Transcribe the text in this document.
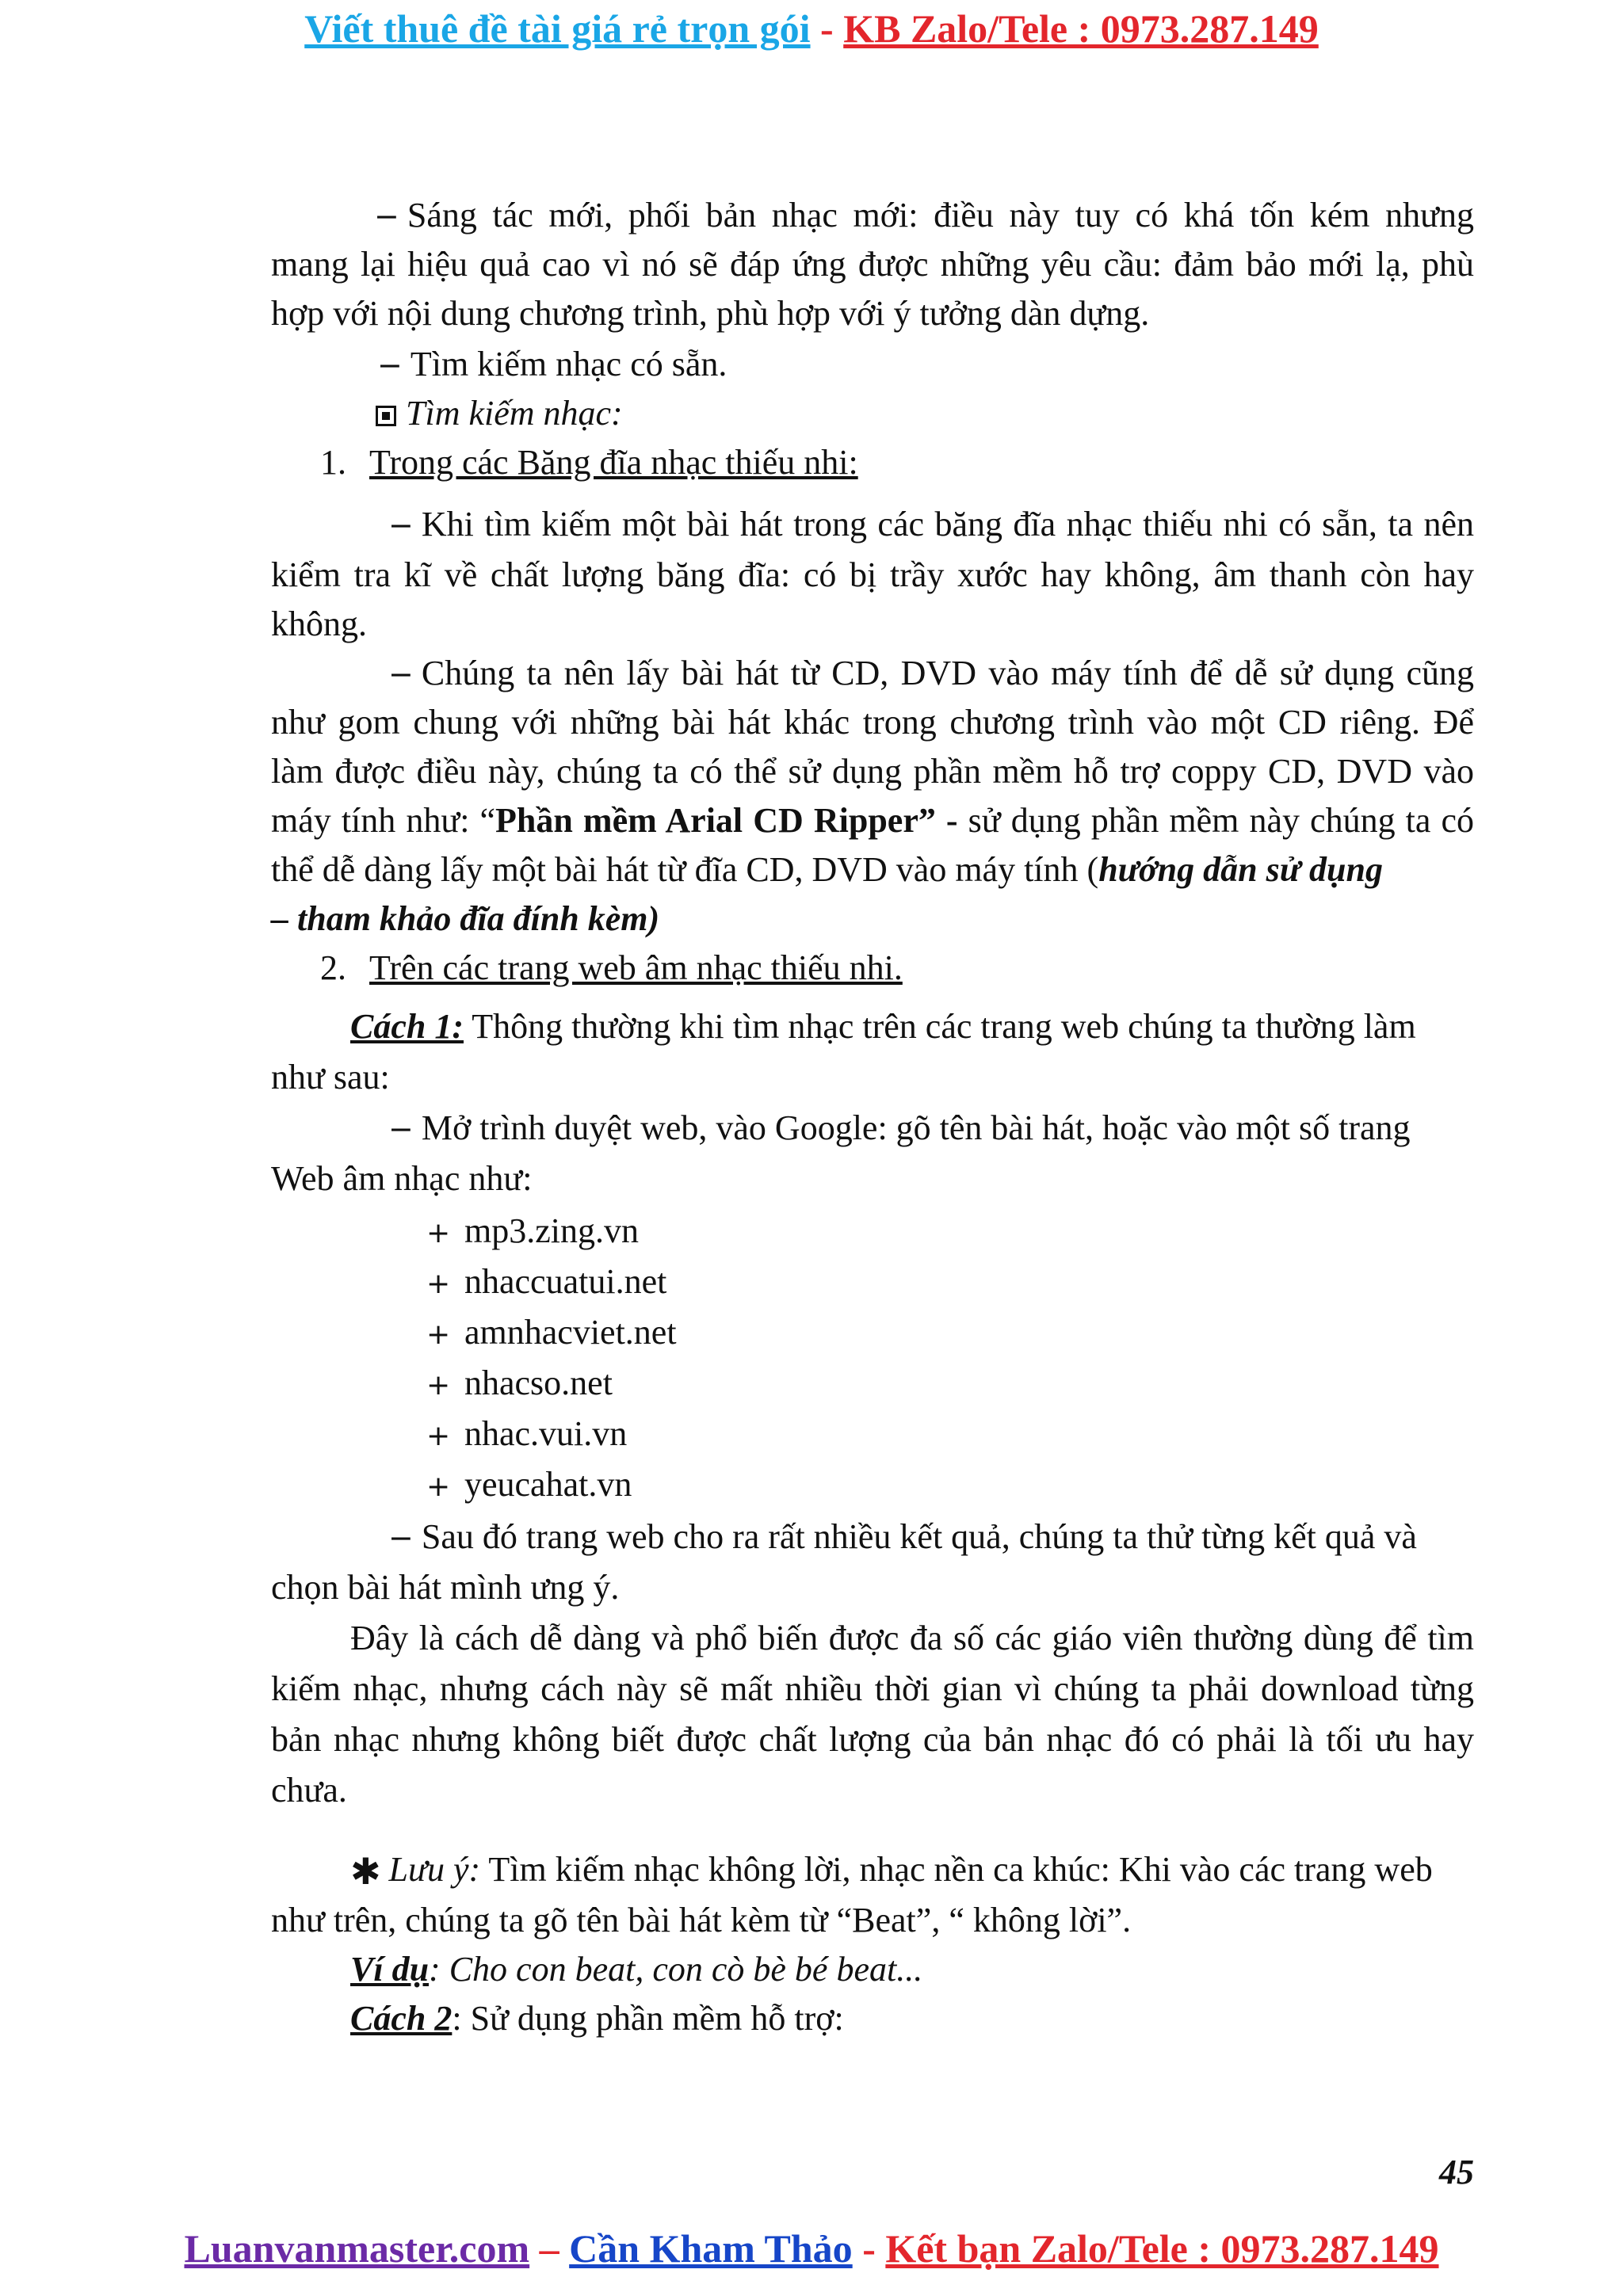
Viết thuê đề tài giá rẻ trọn gói - KB Zalo/Tele : 0973.287.149
− Sáng tác mới, phối bản nhạc mới: điều này tuy có khá tốn kém nhưng
mang lại hiệu quả cao vì nó sẽ đáp ứng được những yêu cầu: đảm bảo mới lạ, phù
hợp với nội dung chương trình, phù hợp với ý tưởng dàn dựng.
− Tìm kiếm nhạc có sẵn.
Tìm kiếm nhạc:
1. Trong các Băng đĩa nhạc thiếu nhi:
− Khi tìm kiếm một bài hát trong các băng đĩa nhạc thiếu nhi có sẵn, ta nên
kiểm tra kĩ về chất lượng băng đĩa: có bị trầy xước hay không, âm thanh còn hay
không.
− Chúng ta nên lấy bài hát từ CD, DVD vào máy tính để dễ sử dụng cũng
như gom chung với những bài hát khác trong chương trình vào một CD riêng. Để
làm được điều này, chúng ta có thể sử dụng phần mềm hỗ trợ coppy CD, DVD vào
máy tính như: “Phần mềm Arial CD Ripper” - sử dụng phần mềm này chúng ta có
thể dễ dàng lấy một bài hát từ đĩa CD, DVD vào máy tính (hướng dẫn sử dụng
– tham khảo đĩa đính kèm)
2. Trên các trang web âm nhạc thiếu nhi.
Cách 1: Thông thường khi tìm nhạc trên các trang web chúng ta thường làm
như sau:
− Mở trình duyệt web, vào Google: gõ tên bài hát, hoặc vào một số trang
Web âm nhạc như:
+ mp3.zing.vn
+ nhaccuatui.net
+ amnhacviet.net
+ nhacso.net
+ nhac.vui.vn
+ yeucahat.vn
− Sau đó trang web cho ra rất nhiều kết quả, chúng ta thử từng kết quả và
chọn bài hát mình ưng ý.
Đây là cách dễ dàng và phổ biến được đa số các giáo viên thường dùng để tìm
kiếm nhạc, nhưng cách này sẽ mất nhiều thời gian vì chúng ta phải download từng
bản nhạc nhưng không biết được chất lượng của bản nhạc đó có phải là tối ưu hay
chưa.
✱ Lưu ý: Tìm kiếm nhạc không lời, nhạc nền ca khúc: Khi vào các trang web
như trên, chúng ta gõ tên bài hát kèm từ “Beat”, “ không lời”.
Ví dụ: Cho con beat, con cò bè bé beat...
Cách 2: Sử dụng phần mềm hỗ trợ:
45
Luanvanmaster.com – Cần Kham Thảo - Kết bạn Zalo/Tele : 0973.287.149
